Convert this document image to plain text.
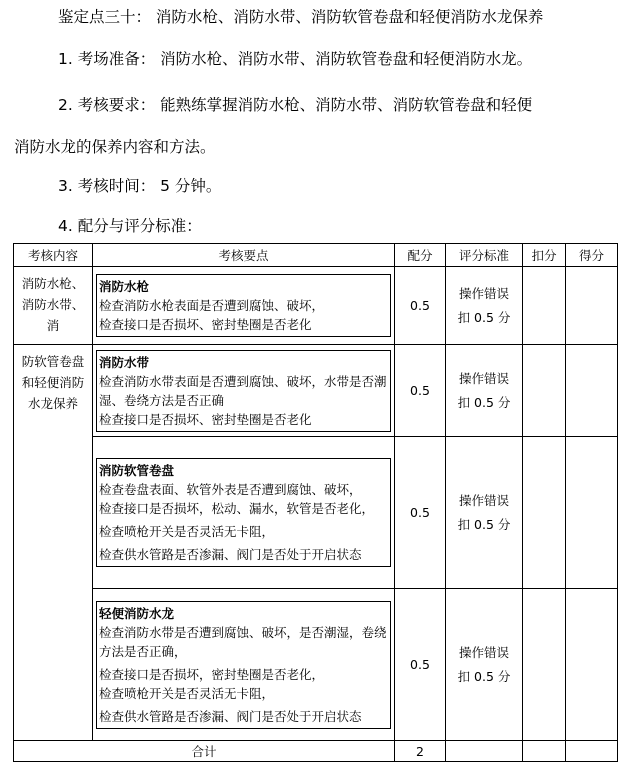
鉴定点三十： 消防水枪、消防水带、消防软管卷盘和轻便消防水龙保养
1. 考场准备： 消防水枪、消防水带、消防软管卷盘和轻便消防水龙。
2. 考核要求： 能熟练掌握消防水枪、消防水带、消防软管卷盘和轻便
消防水龙的保养内容和方法。
3. 考核时间： 5 分钟。
4. 配分与评分标准：
考核内容	考核要点	配分	评分标准	扣分	得分

消防水枪、消防水带、消	消防水枪
检查消防水枪表面是否遭到腐蚀、破坏，
检查接口是否损坏、密封垫圈是否老化	0.5	操作错误扣 0.5 分		

防软管卷盘和轻便消防水龙保养	消防水带
检查消防水带表面是否遭到腐蚀、破坏，水带是否潮湿、卷绕方法是否正确
检查接口是否损坏、密封垫圈是否老化	0.5	操作错误扣 0.5 分		

	消防软管卷盘
检查卷盘表面、软管外表是否遭到腐蚀、破坏，
检查接口是否损坏，松动、漏水，软管是否老化，
检查喷枪开关是否灵活无卡阻，
检查供水管路是否渗漏、阀门是否处于开启状态	0.5	操作错误扣 0.5 分		

	轻便消防水龙
检查消防水带是否遭到腐蚀、破坏，是否潮湿，卷绕方法是否正确，
检查接口是否损坏，密封垫圈是否老化，
检查喷枪开关是否灵活无卡阻，
检查供水管路是否渗漏、阀门是否处于开启状态	0.5	操作错误扣 0.5 分		

合计		2			
